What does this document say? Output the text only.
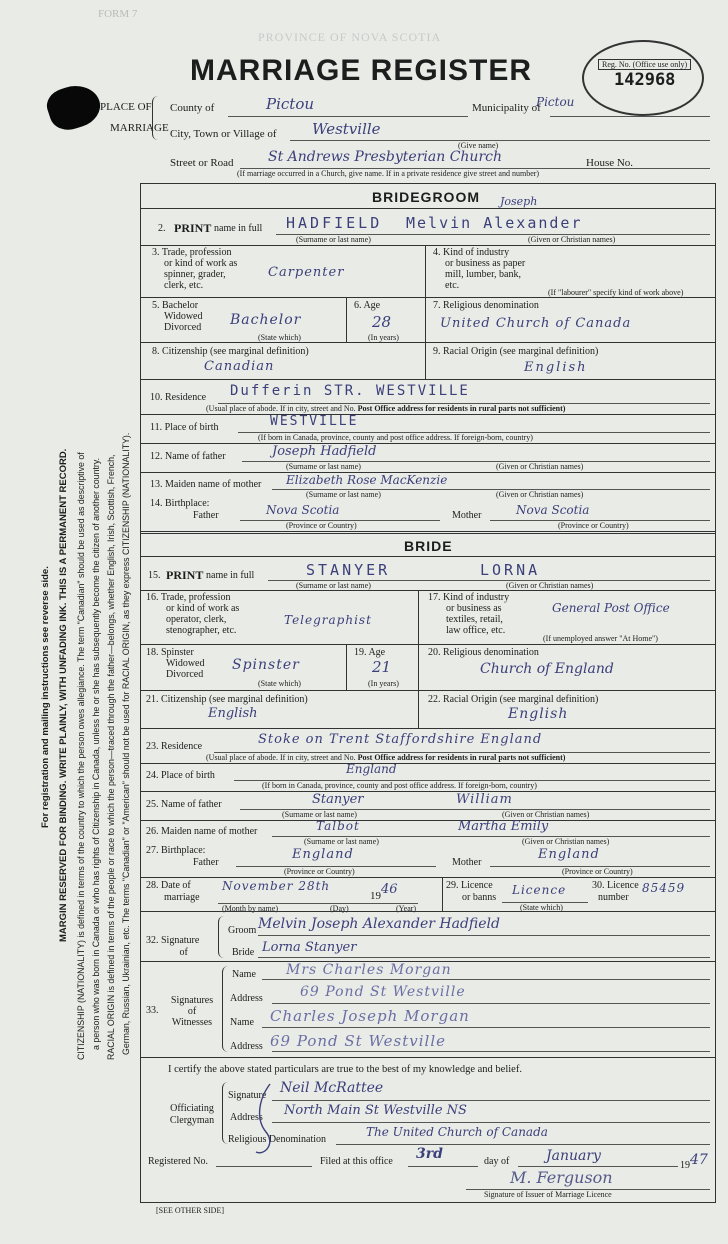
FORM 7
PROVINCE OF NOVA SCOTIA
MARRIAGE REGISTER	Reg. No. (Office use only)
142968
PLACE OF
MARRIAGE
County of	Pictou	Municipality of
Pictou
City, Town or Village of Westville
(Give name)
Street or Road St Andrews Presbyterian Church	House No.
(If marriage occurred in a Church, give name. If in a private residence give street and number)
BRIDEGROOM Joseph
2. PRINT name in full HADFIELD Melvin Alexander
(Surname or last name)	(Given or Christian names)
3. Trade, profession
or kind of work as
spinner, grader,
clerk, etc.
Carpenter
4. Kind of industry
or business as paper
mill, lumber, bank,
etc.
(If "labourer" specify kind of work above)
5. Bachelor
Widowed
Divorced Bachelor
(State which)
6. Age
28
(In years)
7. Religious denomination
United Church of Canada
8. Citizenship (see marginal definition)
Canadian
9. Racial Origin (see marginal definition)
English
10. Residence Dufferin STR. WESTVILLE
(Usual place of abode. If in city, street and No. Post Office address for residents in rural parts not sufficient)
11. Place of birth	WESTVILLE
(If born in Canada, province, county and post office address. If foreign-born, country)
12. Name of father	Joseph Hadfield
(Surname or last name)	(Given or Christian names)
13. Maiden name of mother Elizabeth Rose MacKenzie
(Surname or last name)	(Given or Christian names)
14. Birthplace:
Father	Nova Scotia	Mother	Nova Scotia
(Province or Country)	(Province or Country)
BRIDE
15. PRINT name in full	STANYER	LORNA
(Surname or last name)	(Given or Christian names)
16. Trade, profession
or kind of work as
operator, clerk,
stenographer, etc.
Telegraphist
17. Kind of industry
or business as
textiles, retail,
law office, etc.
General Post Office
(If unemployed answer "At Home")
18. Spinster
Widowed
Divorced
Spinster
(State which)
19. Age
21
(In years)
20. Religious denomination
Church of England
21. Citizenship (see marginal definition)
English
22. Racial Origin (see marginal definition)
English
23. Residence	Stoke on Trent Staffordshire England
(Usual place of abode. If in city, street and No. Post Office address for residents in rural parts not sufficient)
24. Place of birth	England
(If born in Canada, province, county and post office address. If foreign-born, country)
25. Name of father	Stanyer	William
(Surname or last name)	(Given or Christian names)
26. Maiden name of mother	Talbot	Martha Emily
(Surname or last name)	(Given or Christian names)
27. Birthplace:
Father
England
Mother
England
(Province or Country)	(Province or Country)
28. Date of
marriage
November 28th
1946
(Month by name)	(Day)	(Year)
29. Licence
or banns
Licence
(State which)
30. Licence
number
85459
32. Signature
of
Groom Melvin Joseph Alexander Hadfield
Bride Lorna Stanyer
33.
Signatures
of
Witnesses
Name Mrs Charles Morgan
Address	69 Pond St Westville
Name Charles Joseph Morgan
Address 69 Pond St Westville
I certify the above stated particulars are true to the best of my knowledge and belief.
Officiating
Clergyman
Signature Neil McRattee
Address North Main St Westville NS
Religious Denomination
The United Church of Canada
Registered No.	Filed at this office 3rd	day of	January
1947
M. Ferguson
Signature of Issuer of Marriage Licence
[SEE OTHER SIDE]
For registration and mailing instructions see reverse side. MARGIN RESERVED FOR BINDING. WRITE PLAINLY, WITH UNFADING INK. THIS IS A PERMANENT RECORD. CITIZENSHIP (NATIONALITY) is defined in terms of the country to which the person owes allegiance. The term "Canadian" should be used as descriptive of a person who was born in Canada or who has rights of Citizenship in Canada, unless he or she has subsequently become the citizen of another country. RACIAL ORIGIN is defined in terms of the people or race to which the person—traced through the father—belongs, whether English, Irish, Scottish, French, German, Russian, Ukrainian, etc. The terms "Canadian" or "American" should not be used for RACIAL ORIGIN, as they express CITIZENSHIP (NATIONALITY).
